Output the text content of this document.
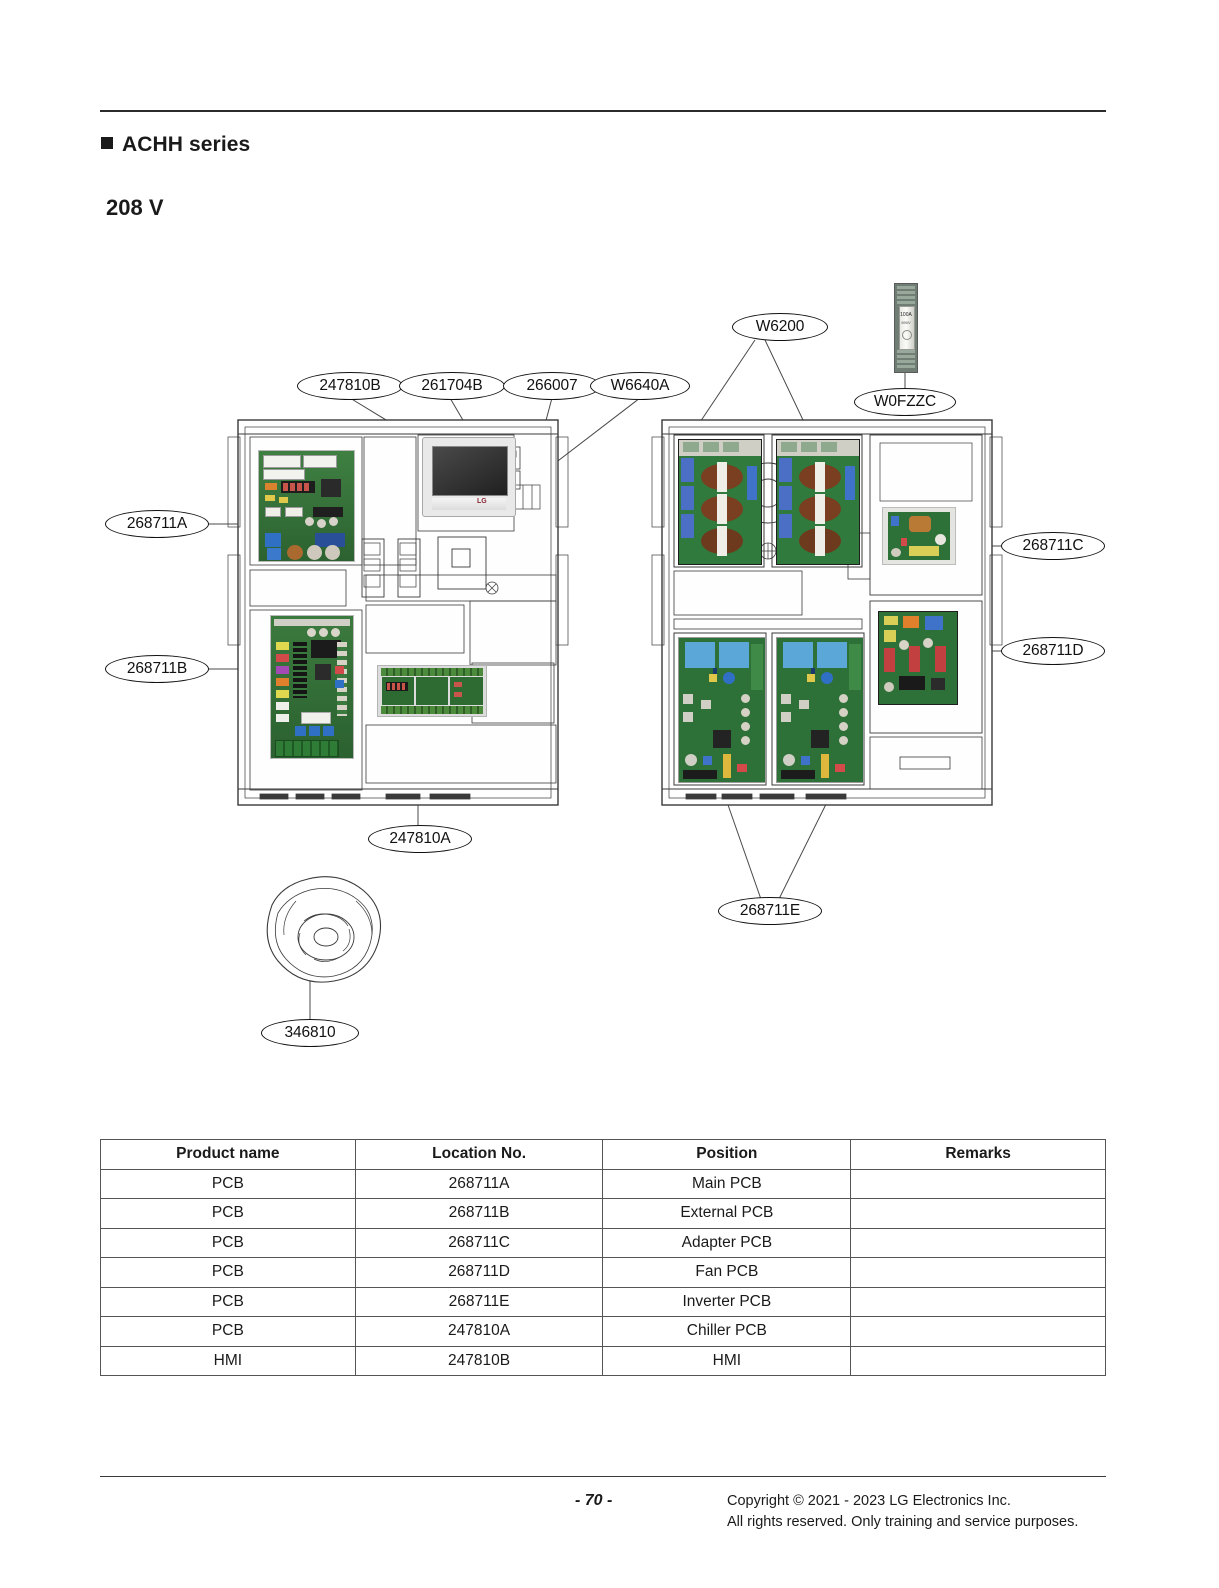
ACHH series
208 V
LG
100A
690V
247810B	261704B	266007	W6640A
W6200
W0FZZC
268711A
268711B
268711C
268711D
268711E
247810A
346810
Product name	Location No.	Position	Remarks
PCB	268711A	Main PCB	
PCB	268711B	External PCB	
PCB	268711C	Adapter PCB	
PCB	268711D	Fan PCB	
PCB	268711E	Inverter PCB	
PCB	247810A	Chiller PCB	
HMI	247810B	HMI	
- 70 -	Copyright © 2021 - 2023 LG Electronics Inc.
All rights reserved. Only training and service purposes.
